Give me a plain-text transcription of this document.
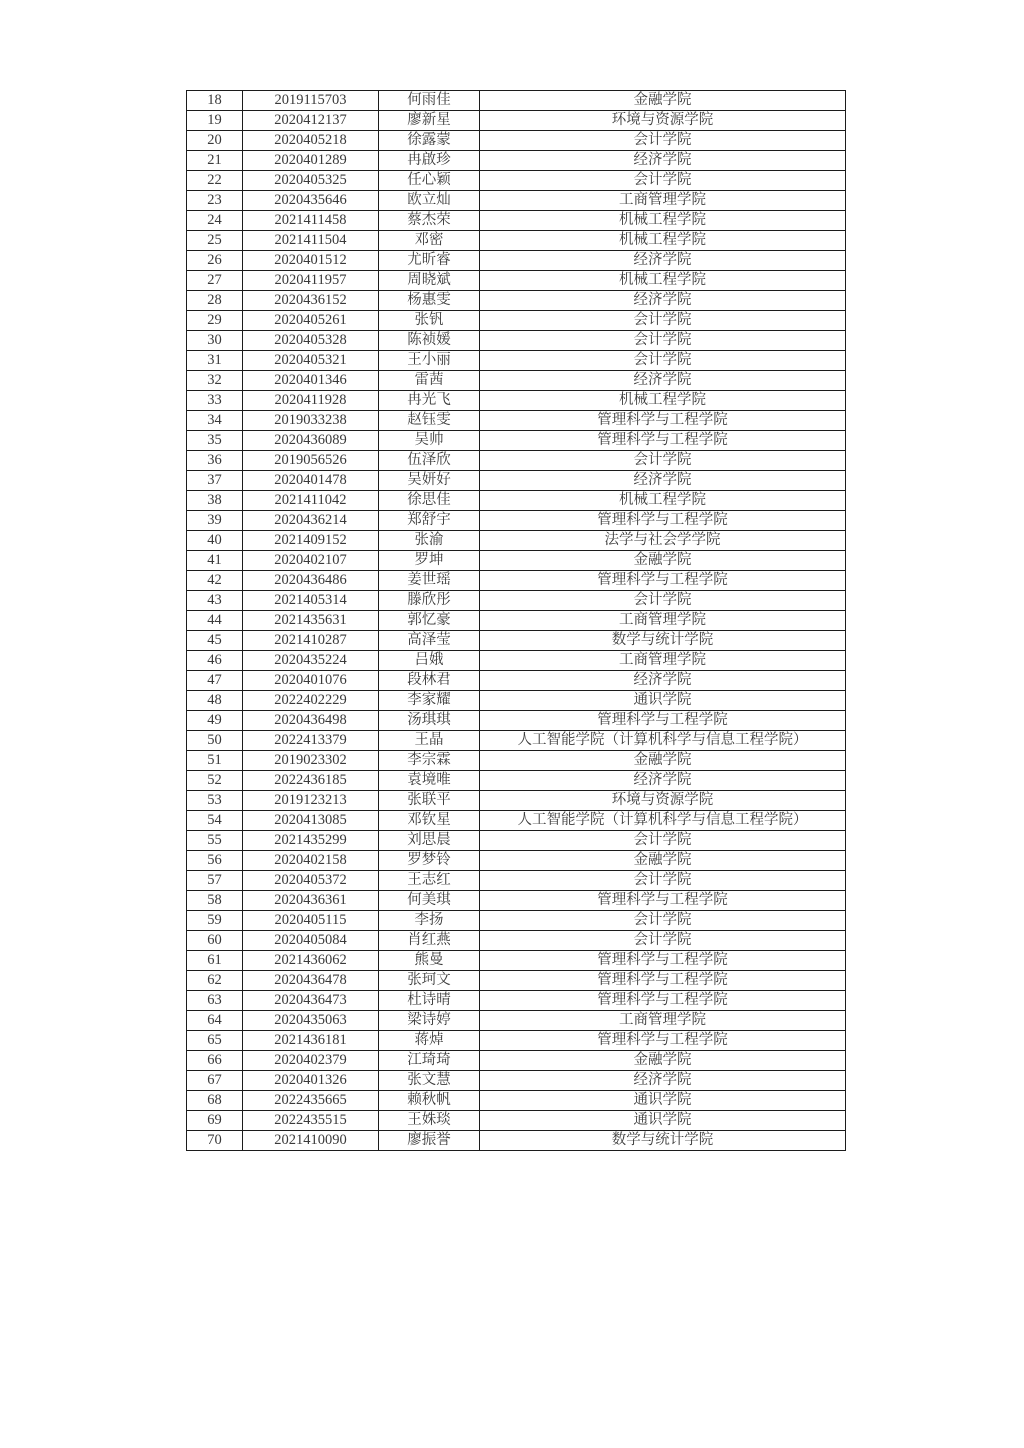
18	2019115703	何雨佳	金融学院
19	2020412137	廖新星	环境与资源学院
20	2020405218	徐露蒙	会计学院
21	2020401289	冉啟珍	经济学院
22	2020405325	任心颖	会计学院
23	2020435646	欧立灿	工商管理学院
24	2021411458	蔡杰荣	机械工程学院
25	2021411504	邓密	机械工程学院
26	2020401512	尤昕睿	经济学院
27	2020411957	周晓斌	机械工程学院
28	2020436152	杨惠雯	经济学院
29	2020405261	张钒	会计学院
30	2020405328	陈祯媛	会计学院
31	2020405321	王小丽	会计学院
32	2020401346	雷茜	经济学院
33	2020411928	冉光飞	机械工程学院
34	2019033238	赵钰雯	管理科学与工程学院
35	2020436089	吴帅	管理科学与工程学院
36	2019056526	伍泽欣	会计学院
37	2020401478	吴妍好	经济学院
38	2021411042	徐思佳	机械工程学院
39	2020436214	郑舒宇	管理科学与工程学院
40	2021409152	张渝	法学与社会学学院
41	2020402107	罗坤	金融学院
42	2020436486	姜世瑶	管理科学与工程学院
43	2021405314	滕欣彤	会计学院
44	2021435631	郭忆豪	工商管理学院
45	2021410287	高泽莹	数学与统计学院
46	2020435224	吕娥	工商管理学院
47	2020401076	段林君	经济学院
48	2022402229	李家耀	通识学院
49	2020436498	汤琪琪	管理科学与工程学院
50	2022413379	王晶	人工智能学院（计算机科学与信息工程学院）
51	2019023302	李宗霖	金融学院
52	2022436185	袁境唯	经济学院
53	2019123213	张联平	环境与资源学院
54	2020413085	邓钦星	人工智能学院（计算机科学与信息工程学院）
55	2021435299	刘思晨	会计学院
56	2020402158	罗梦铃	金融学院
57	2020405372	王志红	会计学院
58	2020436361	何美琪	管理科学与工程学院
59	2020405115	李扬	会计学院
60	2020405084	肖红燕	会计学院
61	2021436062	熊曼	管理科学与工程学院
62	2020436478	张珂文	管理科学与工程学院
63	2020436473	杜诗晴	管理科学与工程学院
64	2020435063	梁诗婷	工商管理学院
65	2021436181	蒋焯	管理科学与工程学院
66	2020402379	江琦琦	金融学院
67	2020401326	张文慧	经济学院
68	2022435665	赖秋帆	通识学院
69	2022435515	王姝琰	通识学院
70	2021410090	廖振誉	数学与统计学院
